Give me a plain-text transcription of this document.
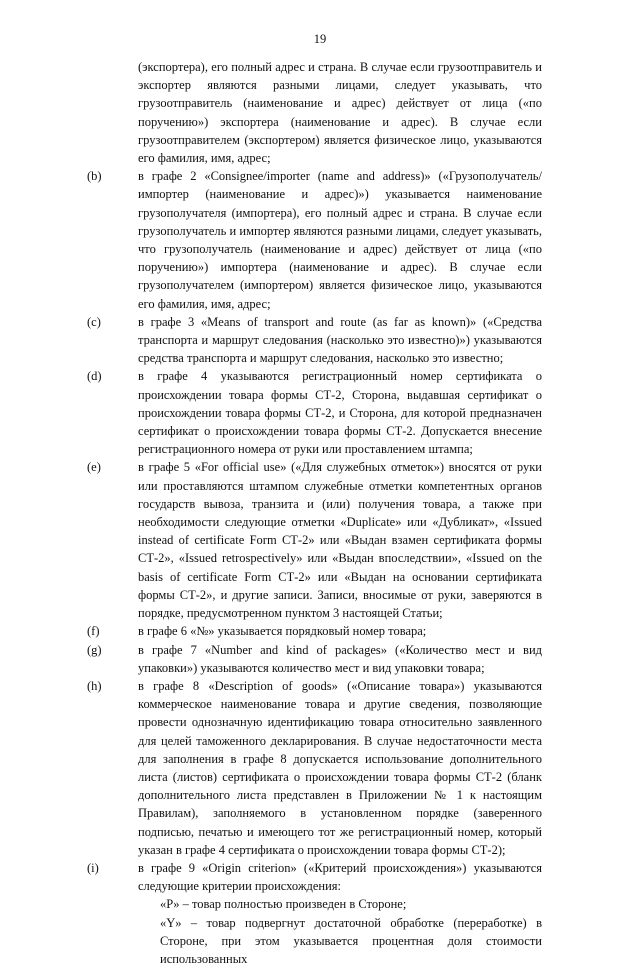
19
(экспортера), его полный адрес и страна. В случае если грузоотправитель и экспортер являются разными лицами, следует указывать, что грузоотправитель (наименование и адрес) действует от лица («по поручению») экспортера (наименование и адрес). В случае если грузоотправителем (экспортером) является физическое лицо, указываются его фамилия, имя, адрес;
(b)	в графе 2 «Consignee/importer (name and address)» («Грузополучатель/импортер (наименование и адрес)») указывается наименование грузополучателя (импортера), его полный адрес и страна. В случае если грузополучатель и импортер являются разными лицами, следует указывать, что грузополучатель (наименование и адрес) действует от лица («по поручению») импортера (наименование и адрес). В случае если грузополучателем (импортером) является физическое лицо, указываются его фамилия, имя, адрес;
(c)	в графе 3 «Means of transport and route (as far as known)» («Средства транспорта и маршрут следования (насколько это известно)») указываются средства транспорта и маршрут следования, насколько это известно;
(d)	в графе 4 указываются регистрационный номер сертификата о происхождении товара формы СТ-2, Сторона, выдавшая сертификат о происхождении товара формы СТ-2, и Сторона, для которой предназначен сертификат о происхождении товара формы СТ-2. Допускается внесение регистрационного номера от руки или проставлением штампа;
(e)	в графе 5 «For official use» («Для служебных отметок») вносятся от руки или проставляются штампом служебные отметки компетентных органов государств вывоза, транзита и (или) получения товара, а также при необходимости следующие отметки «Duplicate» или «Дубликат», «Issued instead of certificate Form СТ-2» или «Выдан взамен сертификата формы СТ-2», «Issued retrospectively» или «Выдан впоследствии», «Issued on the basis of certificate Form СТ-2» или «Выдан на основании сертификата формы СТ-2», и другие записи. Записи, вносимые от руки, заверяются в порядке, предусмотренном пунктом 3 настоящей Статьи;
(f)	в графе 6 «№» указывается порядковый номер товара;
(g)	в графе 7 «Number and kind of packages» («Количество мест и вид упаковки») указываются количество мест и вид упаковки товара;
(h)	в графе 8 «Description of goods» («Описание товара») указываются коммерческое наименование товара и другие сведения, позволяющие провести однозначную идентификацию товара относительно заявленного для целей таможенного декларирования. В случае недостаточности места для заполнения в графе 8 допускается использование дополнительного листа (листов) сертификата о происхождении товара формы СТ-2 (бланк дополнительного листа представлен в Приложении № 1 к настоящим Правилам), заполняемого в установленном порядке (заверенного подписью, печатью и имеющего тот же регистрационный номер, который указан в графе 4 сертификата о происхождении товара формы СТ-2);
(i)	в графе 9 «Origin criterion» («Критерий происхождения») указываются следующие критерии происхождения:
«P» – товар полностью произведен в Стороне;
«Y» – товар подвергнут достаточной обработке (переработке) в Стороне, при этом указывается процентная доля стоимости использованных
